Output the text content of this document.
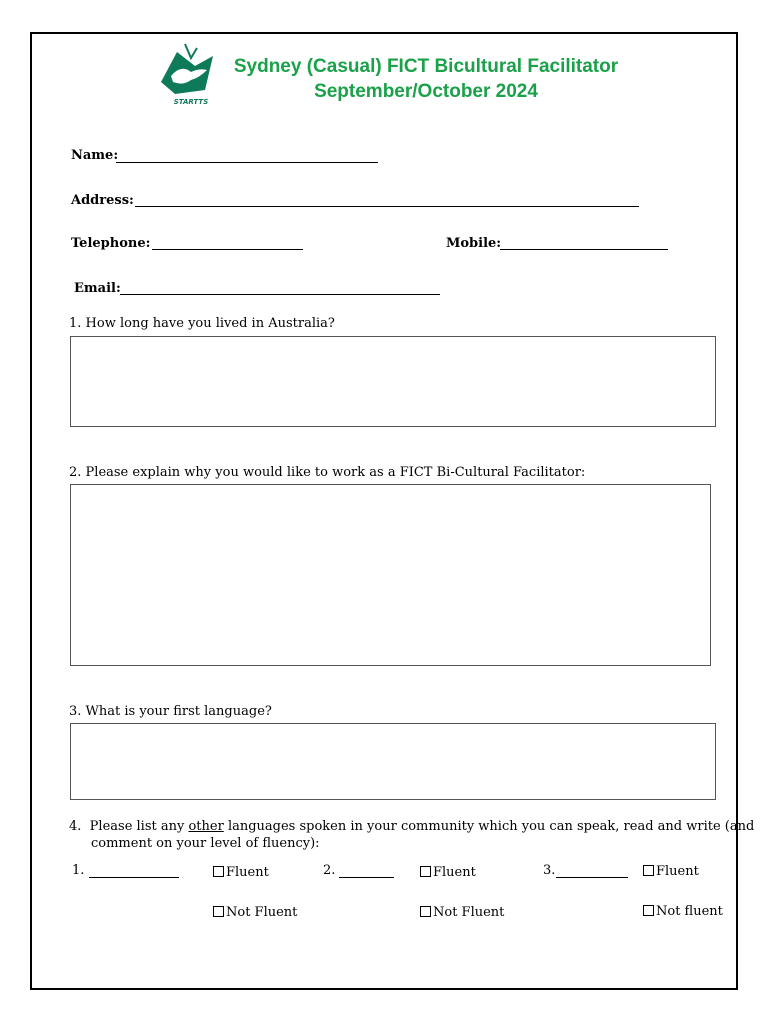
STARTTS
Sydney (Casual) FICT Bicultural Facilitator
September/October 2024
Name:
Address:
Telephone:	Mobile:
Email:
1. How long have you lived in Australia?
2. Please explain why you would like to work as a FICT Bi-Cultural Facilitator:
3. What is your first language?
4. Please list any other languages spoken in your community which you can speak, read and write (and
comment on your level of fluency):
1.	Fluent
Not Fluent
2.	Fluent
Not Fluent
3.	Fluent
Not fluent
